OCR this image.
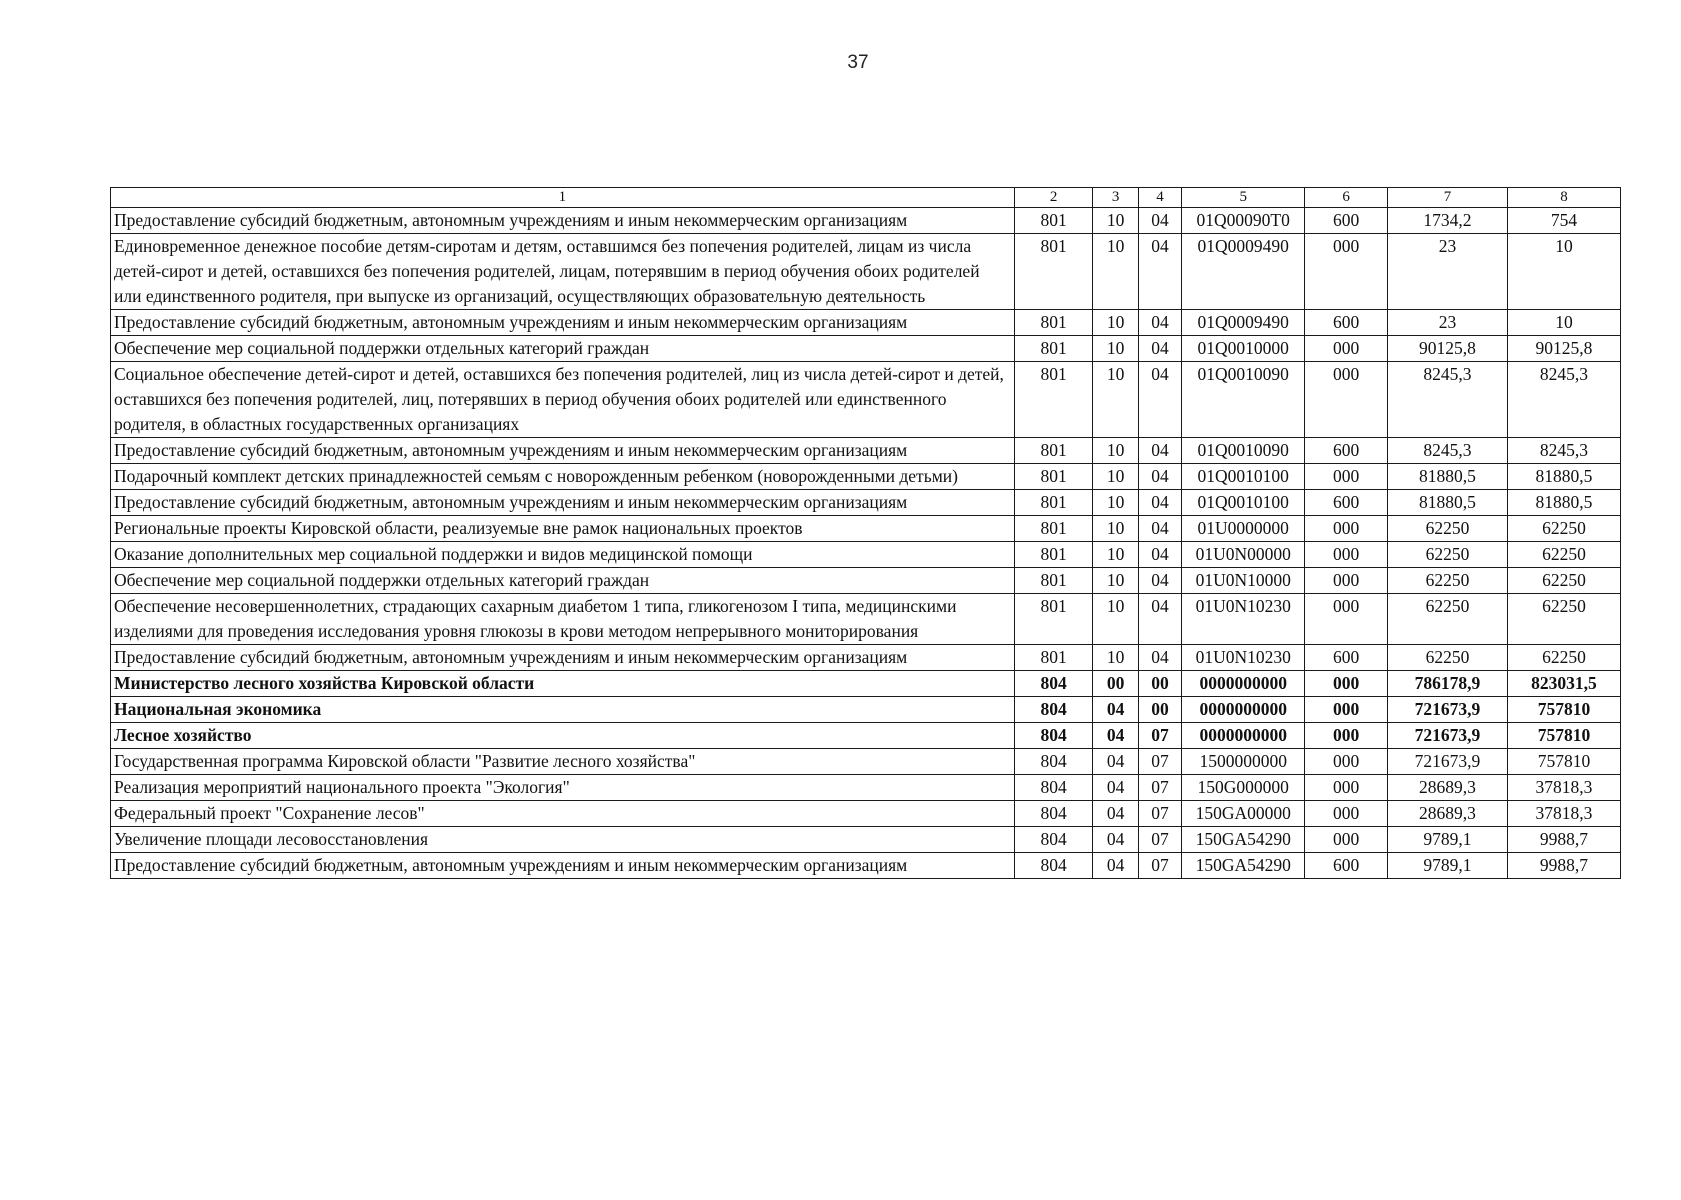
37
1	2	3	4	5	6	7	8
Предоставление субсидий бюджетным, автономным учреждениям и иным некоммерческим организациям	801	10	04	01Q00090T0	600	1734,2	754
Единовременное денежное пособие детям-сиротам и детям, оставшимся без попечения родителей, лицам из числа детей-сирот и детей, оставшихся без попечения родителей, лицам, потерявшим в период обучения обоих родителей или единственного родителя, при выпуске из организаций, осуществляющих образовательную деятельность	801	10	04	01Q0009490	000	23	10
Предоставление субсидий бюджетным, автономным учреждениям и иным некоммерческим организациям	801	10	04	01Q0009490	600	23	10
Обеспечение мер социальной поддержки отдельных категорий граждан	801	10	04	01Q0010000	000	90125,8	90125,8
Социальное обеспечение детей-сирот и детей, оставшихся без попечения родителей, лиц из числа детей-сирот и детей, оставшихся без попечения родителей, лиц, потерявших в период обучения обоих родителей или единственного родителя, в областных государственных организациях	801	10	04	01Q0010090	000	8245,3	8245,3
Предоставление субсидий бюджетным, автономным учреждениям и иным некоммерческим организациям	801	10	04	01Q0010090	600	8245,3	8245,3
Подарочный комплект детских принадлежностей семьям с новорожденным ребенком (новорожденными детьми)	801	10	04	01Q0010100	000	81880,5	81880,5
Предоставление субсидий бюджетным, автономным учреждениям и иным некоммерческим организациям	801	10	04	01Q0010100	600	81880,5	81880,5
Региональные проекты Кировской области, реализуемые вне рамок национальных проектов	801	10	04	01U0000000	000	62250	62250
Оказание дополнительных мер социальной поддержки и видов медицинской помощи	801	10	04	01U0N00000	000	62250	62250
Обеспечение мер социальной поддержки отдельных категорий граждан	801	10	04	01U0N10000	000	62250	62250
Обеспечение несовершеннолетних, страдающих сахарным диабетом 1 типа, гликогенозом I типа, медицинскими изделиями для проведения исследования уровня глюкозы в крови методом непрерывного мониторирования	801	10	04	01U0N10230	000	62250	62250
Предоставление субсидий бюджетным, автономным учреждениям и иным некоммерческим организациям	801	10	04	01U0N10230	600	62250	62250
Министерство лесного хозяйства Кировской области	804	00	00	0000000000	000	786178,9	823031,5
Национальная экономика	804	04	00	0000000000	000	721673,9	757810
Лесное хозяйство	804	04	07	0000000000	000	721673,9	757810
Государственная программа Кировской области "Развитие лесного хозяйства"	804	04	07	1500000000	000	721673,9	757810
Реализация мероприятий национального проекта "Экология"	804	04	07	150G000000	000	28689,3	37818,3
Федеральный проект "Сохранение лесов"	804	04	07	150GA00000	000	28689,3	37818,3
Увеличение площади лесовосстановления	804	04	07	150GA54290	000	9789,1	9988,7
Предоставление субсидий бюджетным, автономным учреждениям и иным некоммерческим организациям	804	04	07	150GA54290	600	9789,1	9988,7
